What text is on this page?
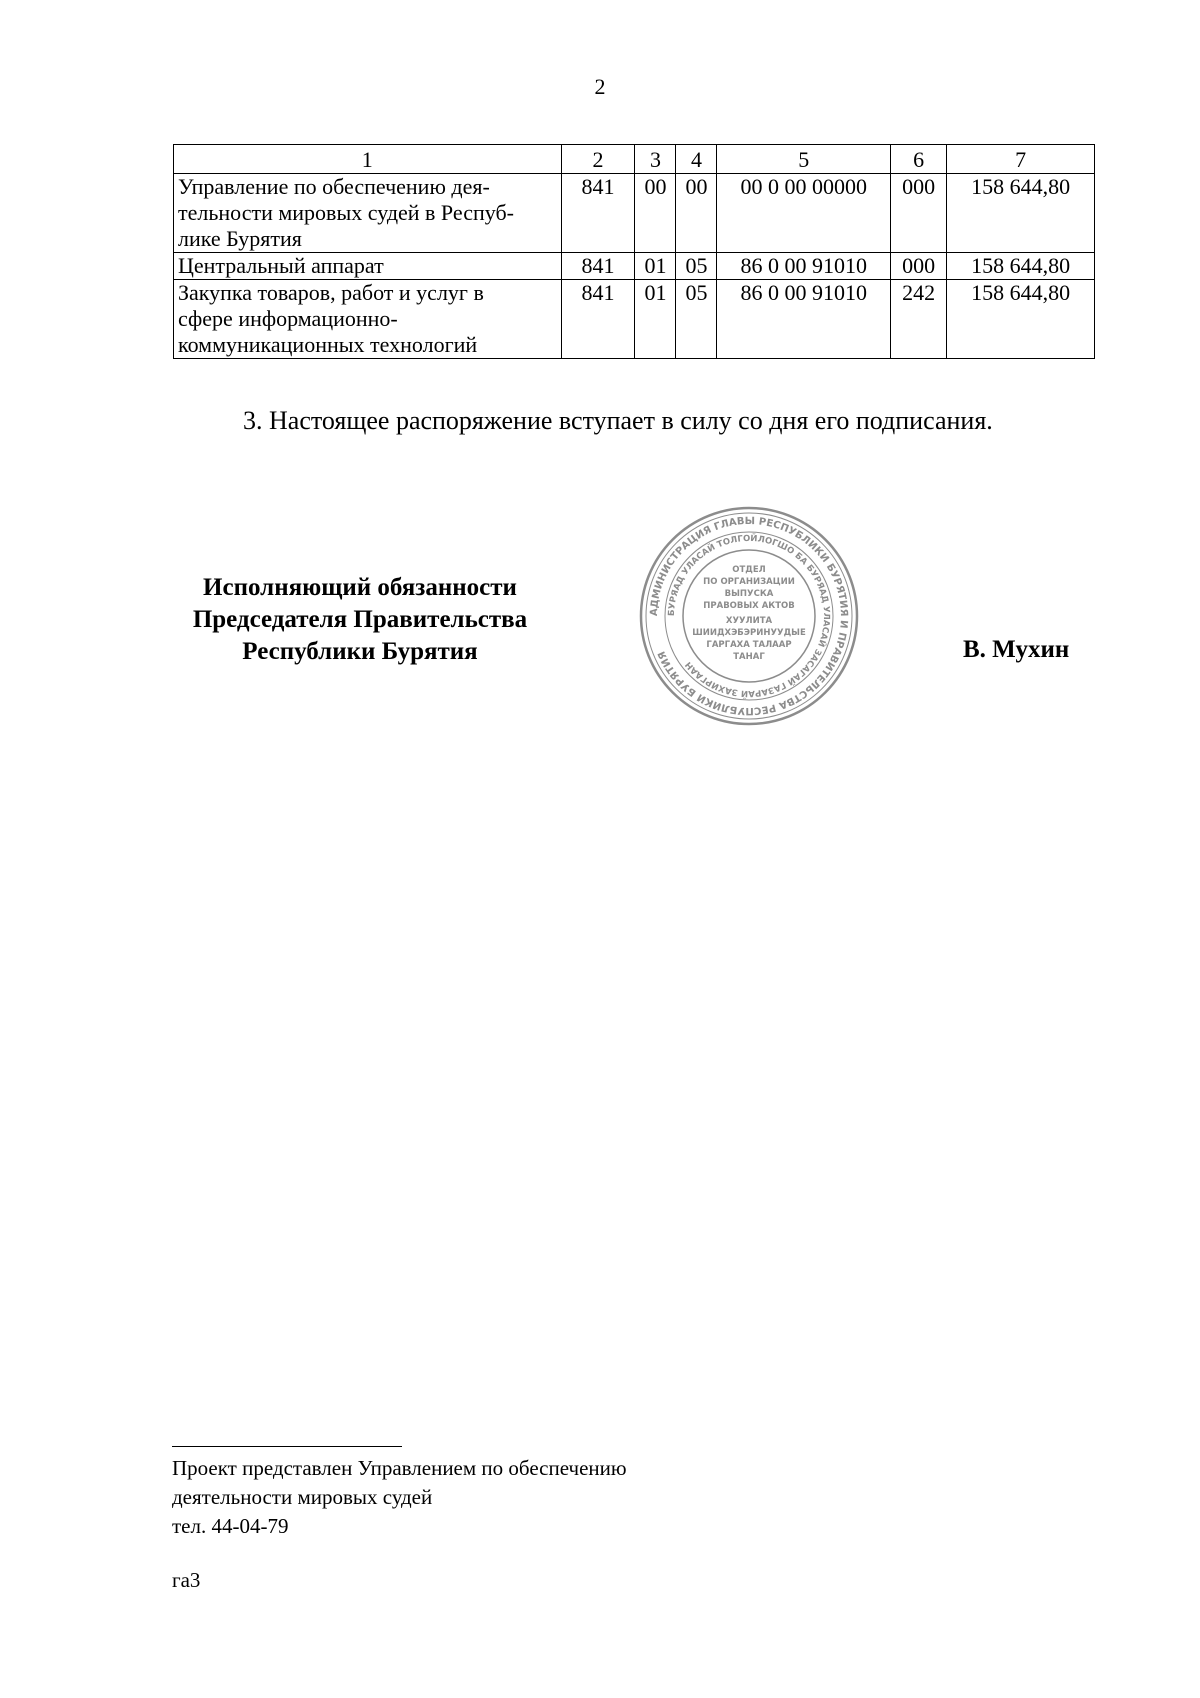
2
1	2	3	4	5	6	7

Управление по обеспечению дея-
тельности мировых судей в Респуб-
лике Бурятия	841	00	00	00 0 00 00000	000	158 644,80

Центральный аппарат	841	01	05	86 0 00 91010	000	158 644,80

Закупка товаров, работ и услуг в
сфере информационно-
коммуникационных технологий	841	01	05	86 0 00 91010	242	158 644,80
3. Настоящее распоряжение вступает в силу со дня его подписания.
Исполняющий обязанности
Председателя Правительства
Республики Бурятия
АДМИНИСТРАЦИЯ ГЛАВЫ РЕСПУБЛИКИ БУРЯТИЯ И ПРАВИТЕЛЬСТВА РЕСПУБЛИКИ БУРЯТИЯ
БУРЯАД УЛАСАЙ ТОЛГОЙЛОГШО БА БУРЯАД УЛАСАЙ ЗАСАГАЙ ГАЗАРАЙ ЗАХИРГААН
ОТДЕЛ
ПО ОРГАНИЗАЦИИ
ВЫПУСКА
ПРАВОВЫХ АКТОВ
ХУУЛИТА
ШИИДХЭБЭРИНУУДЫЕ
ГАРГАХА ТАЛААР
ТАНАГ	В. Мухин
Проект представлен Управлением по обеспечению
деятельности мировых судей
тел. 44-04-79
га3
